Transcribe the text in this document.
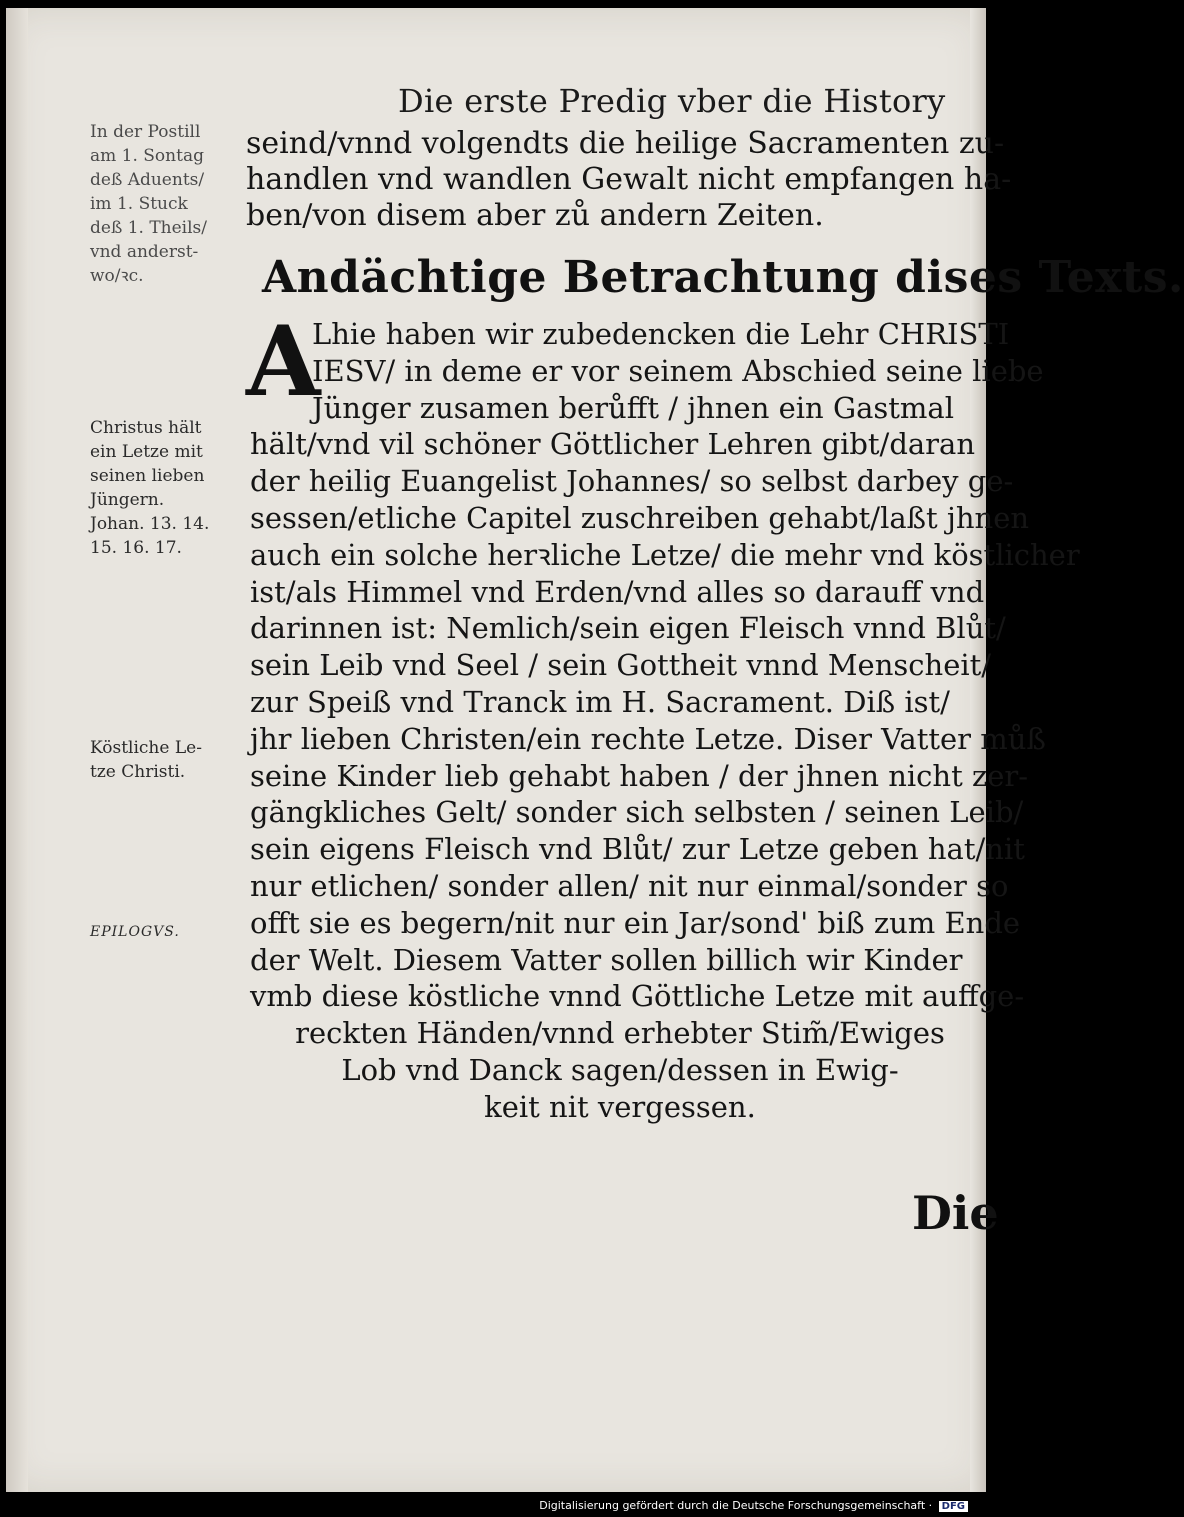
Die erste Predig vber die History
In der Postill
am 1. Sontag
deß Aduents/
im 1. Stuck
deß 1. Theils/
vnd anderst-
wo/ꝛc.
Christus hält
ein Letze mit
seinen lieben
Jüngern.
Johan. 13. 14.
15. 16. 17.
Köstliche Le-
tze Christi.
EPILOGVS.
seind/vnnd volgendts die heilige Sacramenten zu-
handlen vnd wandlen Gewalt nicht empfangen ha-
ben/von disem aber zů andern Zeiten.
Andächtige Betrachtung dises Texts.
A
Lhie haben wir zubedencken die Lehr CHRISTI
IESV/ in deme er vor seinem Abschied seine liebe
Jünger zusamen berůfft / jhnen ein Gastmal
hält/vnd vil schöner Göttlicher Lehren gibt/daran
der heilig Euangelist Johannes/ so selbst darbey ge-
sessen/etliche Capitel zuschreiben gehabt/laßt jhnen
auch ein solche herꝛliche Letze/ die mehr vnd köstlicher
ist/als Himmel vnd Erden/vnd alles so darauff vnd
darinnen ist: Nemlich/sein eigen Fleisch vnnd Blůt/
sein Leib vnd Seel / sein Gottheit vnnd Menscheit/
zur Speiß vnd Tranck im H. Sacrament. Diß ist/
jhr lieben Christen/ein rechte Letze. Diser Vatter můß
seine Kinder lieb gehabt haben / der jhnen nicht zer-
gängkliches Gelt/ sonder sich selbsten / seinen Leib/
sein eigens Fleisch vnd Blůt/ zur Letze geben hat/nit
nur etlichen/ sonder allen/ nit nur einmal/sonder so
offt sie es begern/nit nur ein Jar/sond' biß zum Ende
der Welt. Diesem Vatter sollen billich wir Kinder
vmb diese köstliche vnnd Göttliche Letze mit auffge-
reckten Händen/vnnd erhebter Stim̃/Ewiges
Lob vnd Danck sagen/dessen in Ewig-
keit nit vergessen.
Die
Digitalisierung gefördert durch die Deutsche Forschungsgemeinschaft · DFG
